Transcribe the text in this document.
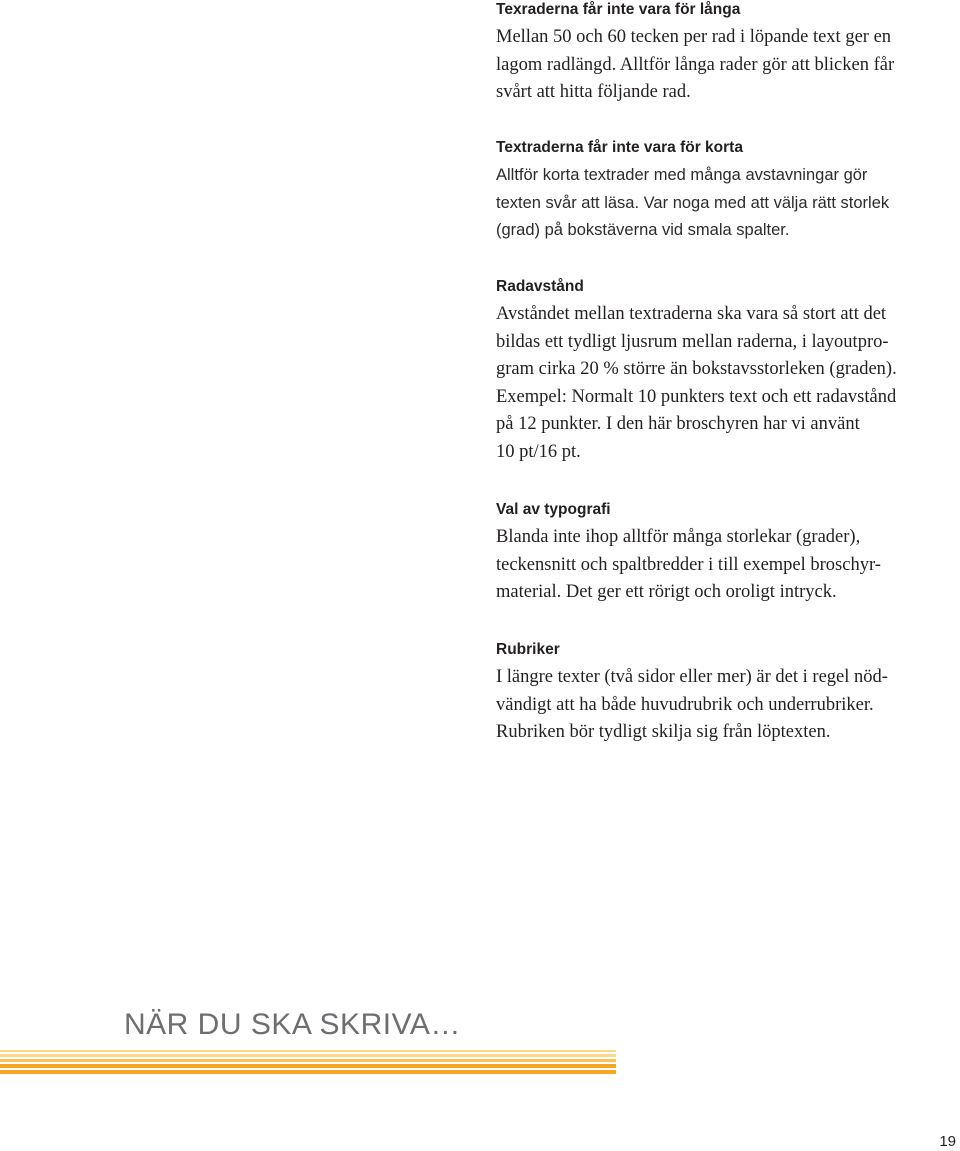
Texraderna får inte vara för långa

Mellan 50 och 60 tecken per rad i löpande text ger en
lagom radlängd. Alltför långa rader gör att blicken får
svårt att hitta följande rad.

Textraderna får inte vara för korta

Alltför korta textrader med många avstavningar gör
texten svår att läsa. Var noga med att välja rätt storlek
(grad) på bokstäverna vid smala spalter.

Radavstånd

Avståndet mellan textraderna ska vara så stort att det
bildas ett tydligt ljusrum mellan raderna, i layoutpro-
gram cirka 20 % större än bokstavsstorleken (graden).
Exempel: Normalt 10 punkters text och ett radavstånd
på 12 punkter. I den här broschyren har vi använt
10 pt/16 pt.

Val av typografi

Blanda inte ihop alltför många storlekar (grader),
teckensnitt och spaltbredder i till exempel broschyr-
material. Det ger ett rörigt och oroligt intryck.

Rubriker

I längre texter (två sidor eller mer) är det i regel nöd-
vändigt att ha både huvudrubrik och underrubriker.
Rubriken bör tydligt skilja sig från löptexten.

NÄR DU SKA SKRIVA…
19
